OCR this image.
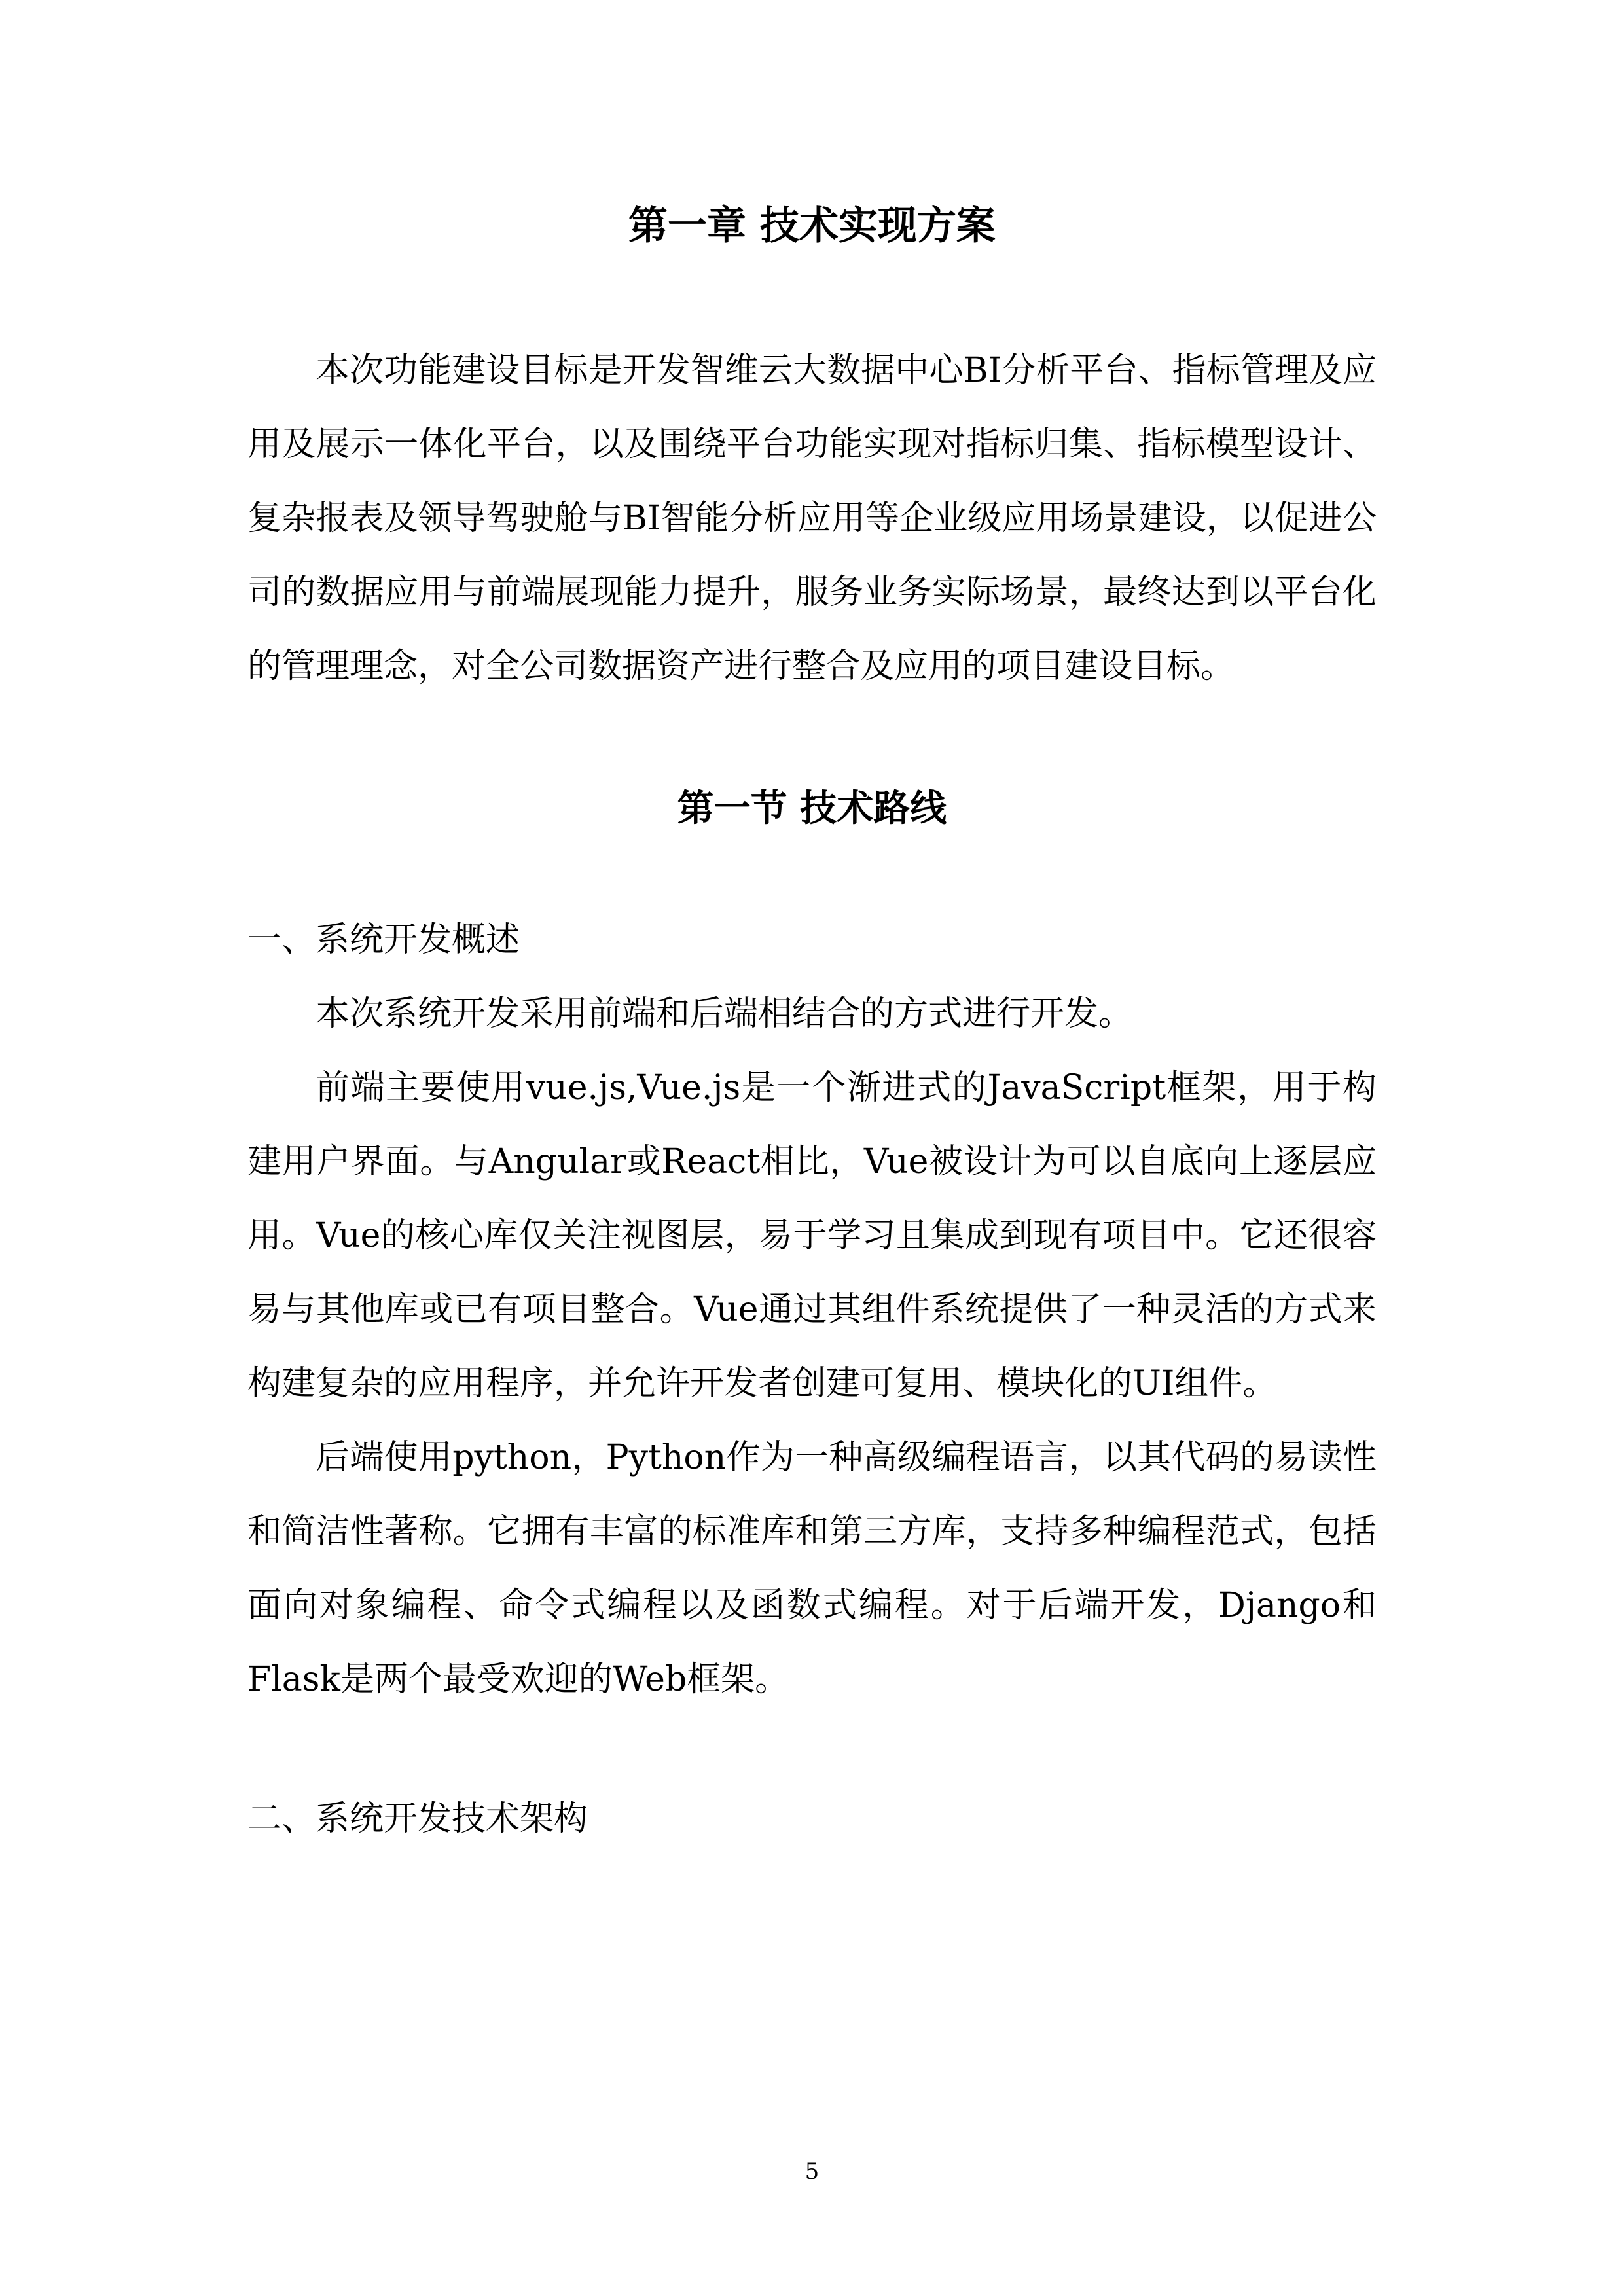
第一章 技术实现方案

本次功能建设目标是开发智维云大数据中心BI分析平台、指标管理及应用及展示一体化平台，以及围绕平台功能实现对指标归集、指标模型设计、复杂报表及领导驾驶舱与BI智能分析应用等企业级应用场景建设，以促进公司的数据应用与前端展现能力提升，服务业务实际场景，最终达到以平台化的管理理念，对全公司数据资产进行整合及应用的项目建设目标。

第一节 技术路线

一、系统开发概述

本次系统开发采用前端和后端相结合的方式进行开发。

前端主要使用vue.js,Vue.js是一个渐进式的JavaScript框架，用于构建用户界面。与Angular或React相比，Vue被设计为可以自底向上逐层应用。Vue的核心库仅关注视图层，易于学习且集成到现有项目中。它还很容易与其他库或已有项目整合。Vue通过其组件系统提供了一种灵活的方式来构建复杂的应用程序，并允许开发者创建可复用、模块化的UI组件。

后端使用python，Python作为一种高级编程语言，以其代码的易读性和简洁性著称。它拥有丰富的标准库和第三方库，支持多种编程范式，包括面向对象编程、命令式编程以及函数式编程。对于后端开发，Django和Flask是两个最受欢迎的Web框架。

二、系统开发技术架构

5
